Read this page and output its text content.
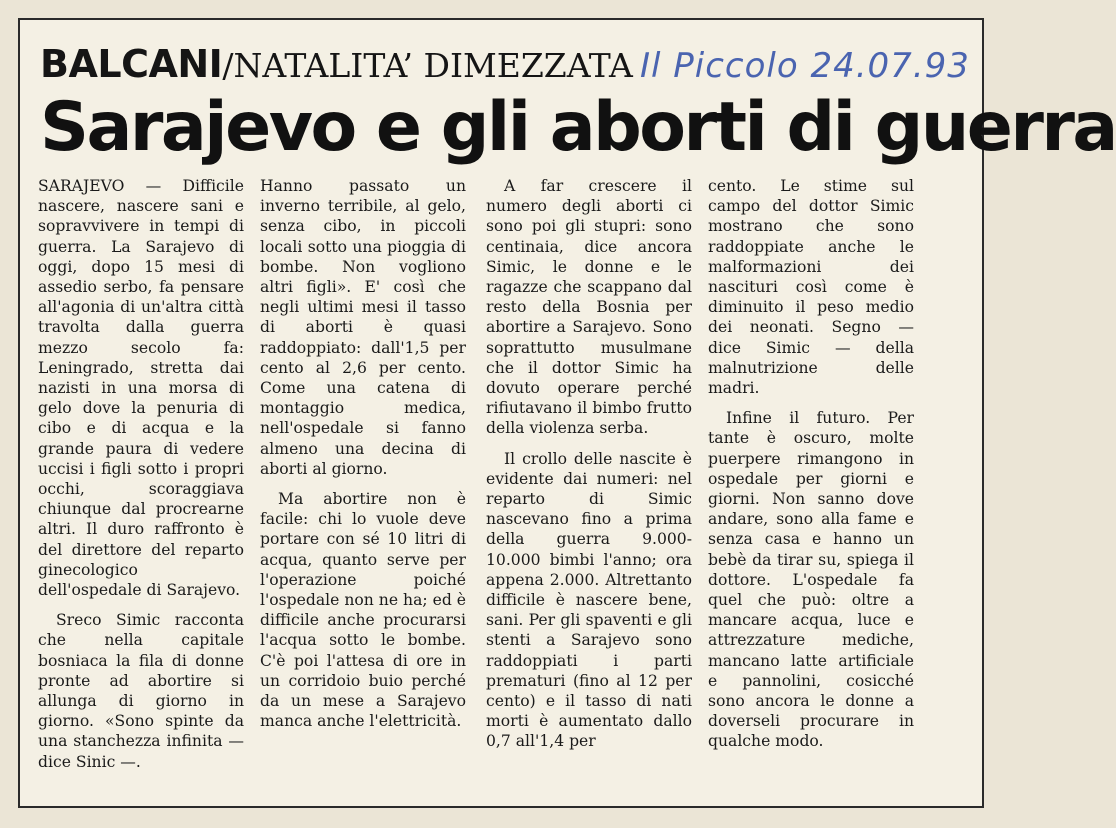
BALCANI/NATALITA’ DIMEZZATA Il Piccolo 24.07.93
Sarajevo e gli aborti di guerra

SARAJEVO — Difficile nascere, nascere sani e sopravvivere in tempi di guerra. La Sarajevo di oggi, dopo 15 mesi di assedio serbo, fa pensare all'agonia di un'altra città travolta dalla guerra mezzo secolo fa: Leningrado, stretta dai nazisti in una morsa di gelo dove la penuria di cibo e di acqua e la grande paura di vedere uccisi i figli sotto i propri occhi, scoraggiava chiunque dal procrearne altri. Il duro raffronto è del direttore del reparto ginecologico dell'ospedale di Sarajevo.

Sreco Simic racconta che nella capitale bosniaca la fila di donne pronte ad abortire si allunga di giorno in giorno. «Sono spinte da una stanchezza infinita — dice Sinic —.

Hanno passato un inverno terribile, al gelo, senza cibo, in piccoli locali sotto una pioggia di bombe. Non vogliono altri figli». E' così che negli ultimi mesi il tasso di aborti è quasi raddoppiato: dall'1,5 per cento al 2,6 per cento. Come una catena di montaggio medica, nell'ospedale si fanno almeno una decina di aborti al giorno.

Ma abortire non è facile: chi lo vuole deve portare con sé 10 litri di acqua, quanto serve per l'operazione poiché l'ospedale non ne ha; ed è difficile anche procurarsi l'acqua sotto le bombe. C'è poi l'attesa di ore in un corridoio buio perché da un mese a Sarajevo manca anche l'elettricità.

A far crescere il numero degli aborti ci sono poi gli stupri: sono centinaia, dice ancora Simic, le donne e le ragazze che scappano dal resto della Bosnia per abortire a Sarajevo. Sono soprattutto musulmane che il dottor Simic ha dovuto operare perché rifiutavano il bimbo frutto della violenza serba.

Il crollo delle nascite è evidente dai numeri: nel reparto di Simic nascevano fino a prima della guerra 9.000-10.000 bimbi l'anno; ora appena 2.000. Altrettanto difficile è nascere bene, sani. Per gli spaventi e gli stenti a Sarajevo sono raddoppiati i parti prematuri (fino al 12 per cento) e il tasso di nati morti è aumentato dallo 0,7 all'1,4 per

cento. Le stime sul campo del dottor Simic mostrano che sono raddoppiate anche le malformazioni dei nascituri così come è diminuito il peso medio dei neonati. Segno — dice Simic — della malnutrizione delle madri.

Infine il futuro. Per tante è oscuro, molte puerpere rimangono in ospedale per giorni e giorni. Non sanno dove andare, sono alla fame e senza casa e hanno un bebè da tirar su, spiega il dottore. L'ospedale fa quel che può: oltre a mancare acqua, luce e attrezzature mediche, mancano latte artificiale e pannolini, cosicché sono ancora le donne a doverseli procurare in qualche modo.
